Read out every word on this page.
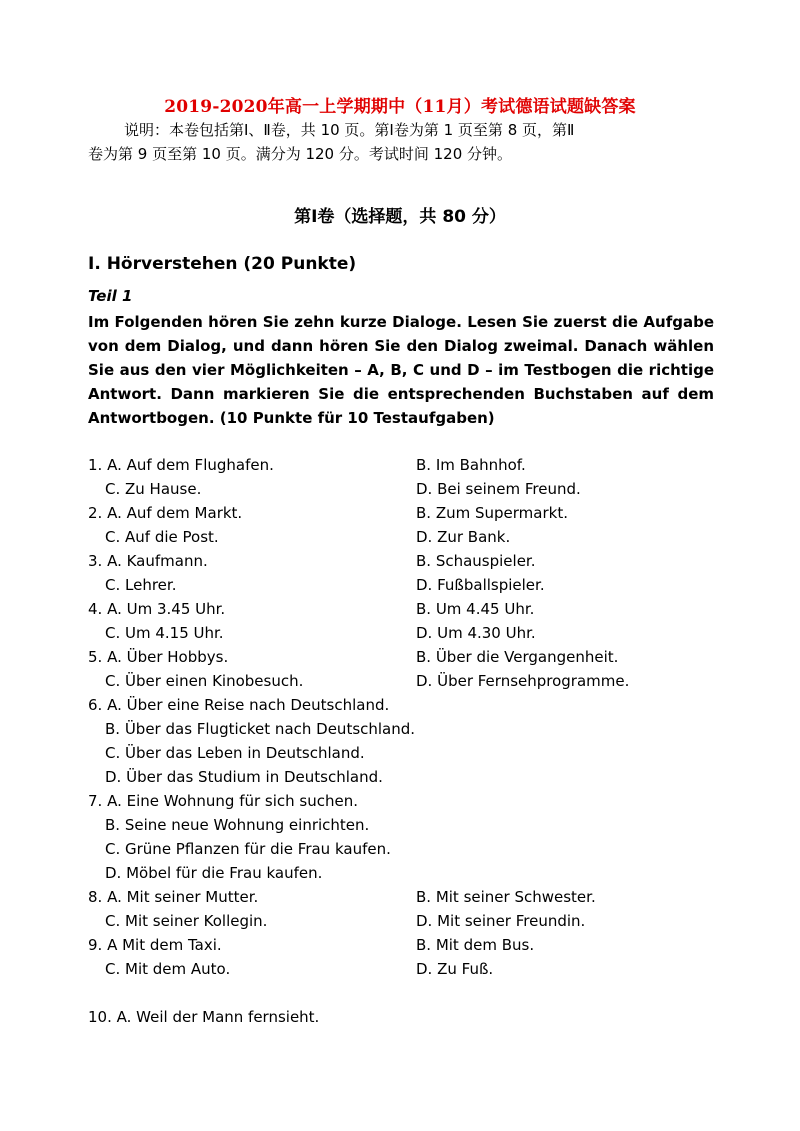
2019-2020年高一上学期期中（11月）考试德语试题缺答案
说明：本卷包括第Ⅰ、Ⅱ卷，共 10 页。第Ⅰ卷为第 1 页至第 8 页，第Ⅱ
卷为第 9 页至第 10 页。满分为 120 分。考试时间 120 分钟。
第Ⅰ卷（选择题，共 80 分）
Ⅰ. Hörverstehen (20 Punkte)
Teil 1
Im Folgenden hören Sie zehn kurze Dialoge. Lesen Sie zuerst die Aufgabe von dem Dialog, und dann hören Sie den Dialog zweimal. Danach wählen Sie aus den vier Möglichkeiten – A, B, C und D – im Testbogen die richtige Antwort. Dann markieren Sie die entsprechenden Buchstaben auf dem Antwortbogen. (10 Punkte für 10 Testaufgaben)
1. A. Auf dem Flughafen.	B. Im Bahnhof.
C. Zu Hause.	D. Bei seinem Freund.
2. A. Auf dem Markt.	B. Zum Supermarkt.
C. Auf die Post.	D. Zur Bank.
3. A. Kaufmann.	B. Schauspieler.
C. Lehrer.	D. Fußballspieler.
4. A. Um 3.45 Uhr.	B. Um 4.45 Uhr.
C. Um 4.15 Uhr.	D. Um 4.30 Uhr.
5. A. Über Hobbys.	B. Über die Vergangenheit.
C. Über einen Kinobesuch.	D. Über Fernsehprogramme.
6. A. Über eine Reise nach Deutschland.
B. Über das Flugticket nach Deutschland.
C. Über das Leben in Deutschland.
D. Über das Studium in Deutschland.
7. A. Eine Wohnung für sich suchen.
B. Seine neue Wohnung einrichten.
C. Grüne Pflanzen für die Frau kaufen.
D. Möbel für die Frau kaufen.
8. A. Mit seiner Mutter.	B. Mit seiner Schwester.
C. Mit seiner Kollegin.	D. Mit seiner Freundin.
9. A Mit dem Taxi.	B. Mit dem Bus.
C. Mit dem Auto.	D. Zu Fuß.
10. A. Weil der Mann fernsieht.
